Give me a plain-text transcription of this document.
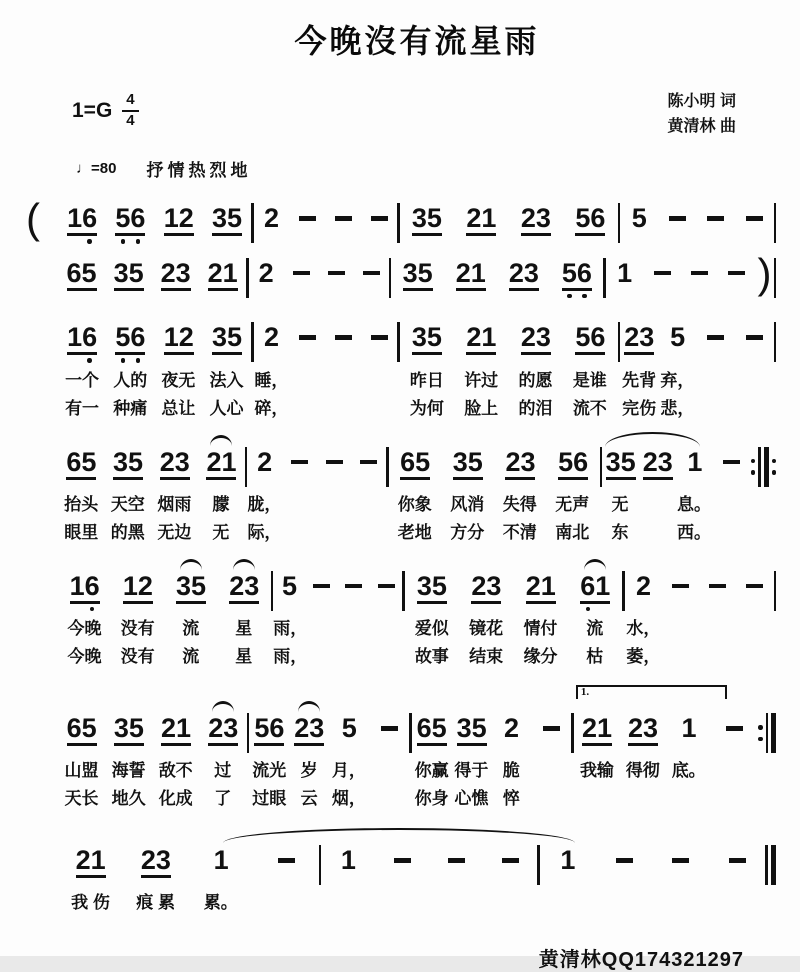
今晚沒有流星雨
$1=G \frac{4}{4}$	陈小明 词
黄清林 曲
♩=80 抒情热烈地
( 1 6 5 6 1 2 3 5 2	3 5 2 1 2 3 5 6 5
6 5 3 5 2 3 2 1 2	3 5 2 1 2 3 5 6 1	)
1 6 5 6 1 2 3 5 2	3 5 2 1 2 3 5 6 2 3 5
一个 人的 夜无 法入 睡，	昨日 许过 的愿 是谁 先背 弃，
有一 种痛 总让 人心 碎，	为何 脸上 的泪 流不 完伤 悲，
6 5 3 5 2 3 2 1 2	6 5 3 5 2 3 5 6 3 5 2 3 1
抬头 天空 烟雨 朦 胧，	你象 风消 失得 无声 无	息。
眼里 的黑 无边 无 际，	老地 方分 不清 南北 东	西。
1 6 1 2 3 5 2 3 5	3 5 2 3 2 1 6 1 2
今晚 没有 流 星 雨，	爱似 镜花 情付 流 水，
今晚 没有 流 星 雨，	故事 结束 缘分 枯 萎，
6 5 3 5 2 1 2 3 5 6 2 3 5 6 5 3 5 2
1.
2 1 2 3 1
山盟 海誓 敌不 过 流光 岁 月，	你赢 得于 脆	我输 得彻 底。
天长 地久 化成 了 过眼 云 烟，	你身 心憔 悴
2 1 2 3 1	1	1
我 伤 痕 累 累。
黄清林QQ174321297
